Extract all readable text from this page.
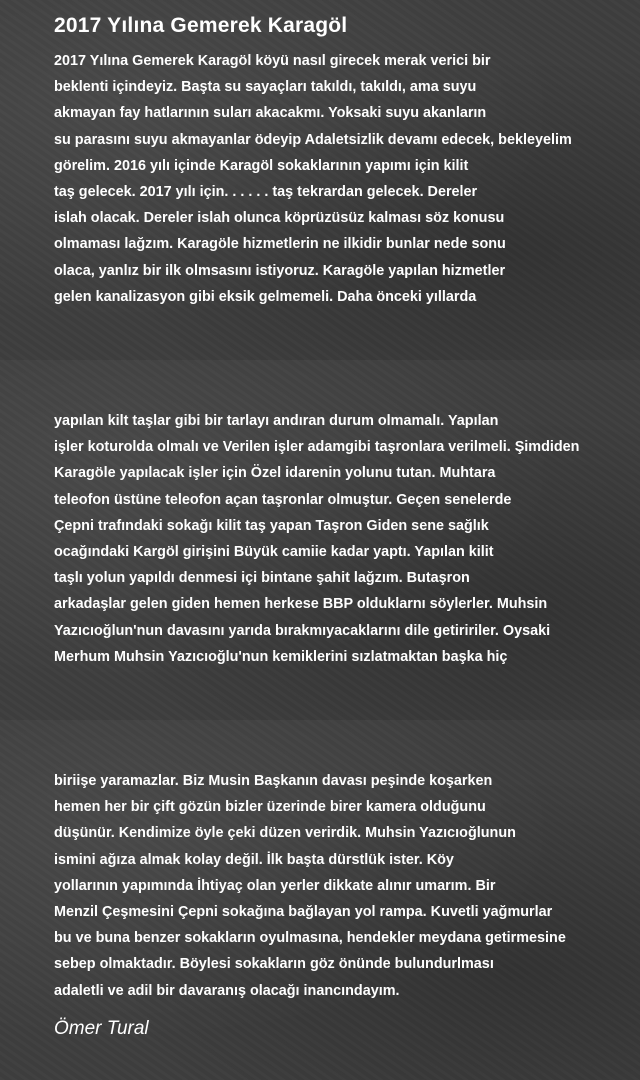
2017 Yılına Gemerek Karagöl
2017 Yılına Gemerek Karagöl köyü nasıl girecek merak verici bir
beklenti içindeyiz. Başta su sayaçları takıldı, takıldı, ama suyu
akmayan fay hatlarının suları akacakmı. Yoksaki suyu akanların
su parasını suyu akmayanlar ödeyip Adaletsizlik devamı edecek, bekleyelim
görelim. 2016 yılı içinde Karagöl sokaklarının yapımı için kilit
taş gelecek. 2017 yılı için. . . . . . taş tekrardan gelecek. Dereler
islah olacak. Dereler islah olunca köprüzüsüz kalması söz konusu
olmaması lağzım. Karagöle hizmetlerin ne ilkidir bunlar nede sonu
olaca, yanlız bir ilk olmsasını istiyoruz. Karagöle yapılan hizmetler
gelen kanalizasyon gibi eksik gelmemeli. Daha önceki yıllarda
yapılan kilt taşlar gibi bir tarlayı andıran durum olmamalı. Yapılan
işler koturolda olmalı ve Verilen işler adamgibi taşronlara verilmeli. Şimdiden
Karagöle yapılacak işler için Özel idarenin yolunu tutan. Muhtara
teleofon üstüne teleofon açan taşronlar olmuştur. Geçen senelerde
Çepni trafındaki sokağı kilit taş yapan Taşron Giden sene sağlık
ocağındaki Kargöl girişini Büyük camiie kadar yaptı. Yapılan kilit
taşlı yolun yapıldı denmesi içi bintane şahit lağzım. Butaşron
arkadaşlar gelen giden hemen herkese BBP olduklarnı söylerler. Muhsin
Yazıcıoğlun'nun davasını yarıda bırakmıyacaklarını dile getiririler. Oysaki
Merhum Muhsin Yazıcıoğlu'nun kemiklerini sızlatmaktan başka hiç
biriişe yaramazlar. Biz Musin Başkanın davası peşinde koşarken
hemen her bir çift gözün bizler üzerinde birer kamera olduğunu
düşünür. Kendimize öyle çeki düzen verirdik. Muhsin Yazıcıoğlunun
ismini ağıza almak kolay değil. İlk başta dürstlük ister. Köy
yollarının yapımında İhtiyaç olan yerler dikkate alınır umarım. Bir
Menzil Çeşmesini Çepni sokağına bağlayan yol rampa. Kuvetli yağmurlar
bu ve buna benzer sokakların oyulmasına, hendekler meydana getirmesine
sebep olmaktadır. Böylesi sokakların göz önünde bulundurlması
adaletli ve adil bir davaranış olacağı inancındayım.

Ömer Tural
